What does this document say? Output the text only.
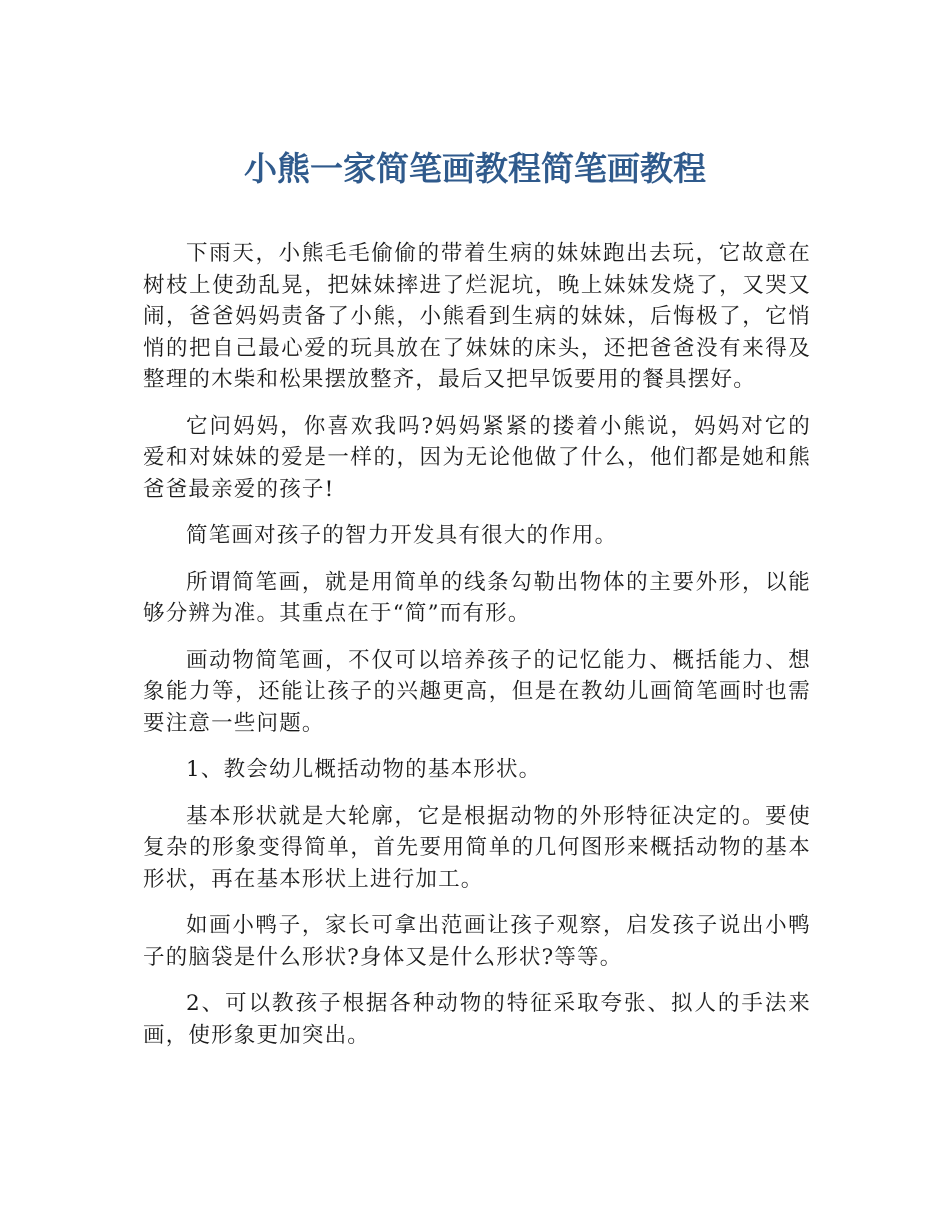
小熊一家简笔画教程简笔画教程

下雨天，小熊毛毛偷偷的带着生病的妹妹跑出去玩，它故意在树枝上使劲乱晃，把妹妹摔进了烂泥坑，晚上妹妹发烧了，又哭又闹，爸爸妈妈责备了小熊，小熊看到生病的妹妹，后悔极了，它悄悄的把自己最心爱的玩具放在了妹妹的床头，还把爸爸没有来得及整理的木柴和松果摆放整齐，最后又把早饭要用的餐具摆好。

它问妈妈，你喜欢我吗?妈妈紧紧的搂着小熊说，妈妈对它的爱和对妹妹的爱是一样的，因为无论他做了什么，他们都是她和熊爸爸最亲爱的孩子!

简笔画对孩子的智力开发具有很大的作用。

所谓简笔画，就是用简单的线条勾勒出物体的主要外形，以能够分辨为准。其重点在于“简”而有形。

画动物简笔画，不仅可以培养孩子的记忆能力、概括能力、想象能力等，还能让孩子的兴趣更高，但是在教幼儿画简笔画时也需要注意一些问题。

1、教会幼儿概括动物的基本形状。

基本形状就是大轮廓，它是根据动物的外形特征决定的。要使复杂的形象变得简单，首先要用简单的几何图形来概括动物的基本形状，再在基本形状上进行加工。

如画小鸭子，家长可拿出范画让孩子观察，启发孩子说出小鸭子的脑袋是什么形状?身体又是什么形状?等等。

2、可以教孩子根据各种动物的特征采取夸张、拟人的手法来画，使形象更加突出。
